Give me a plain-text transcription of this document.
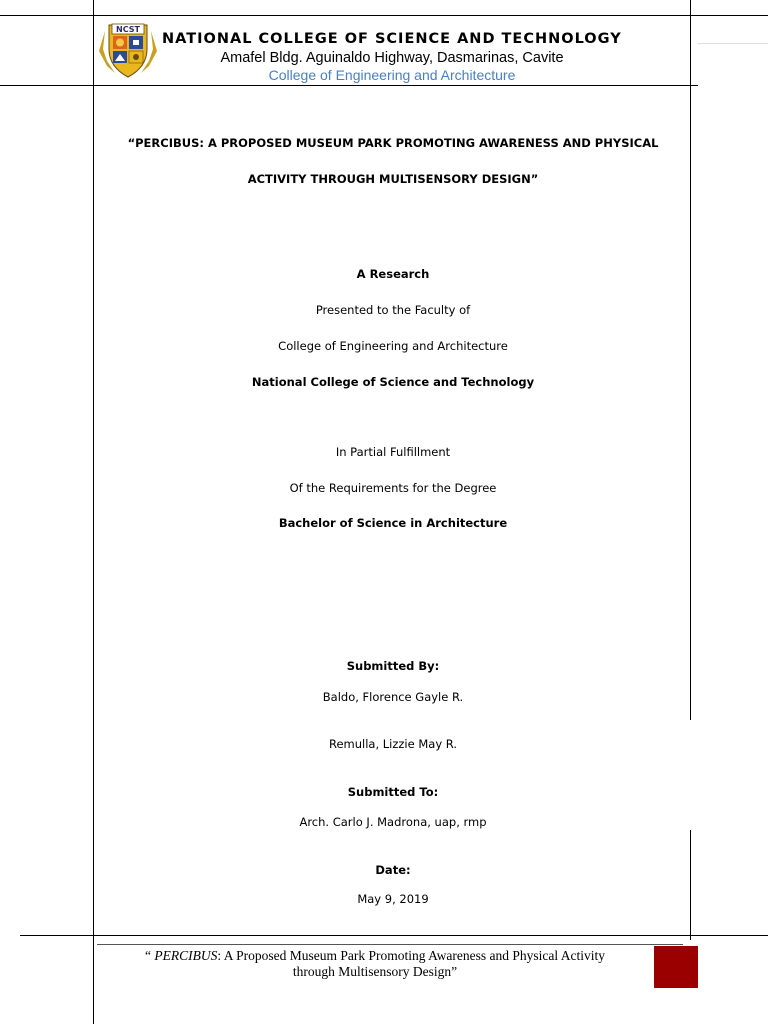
NCST
NATIONAL COLLEGE OF SCIENCE AND TECHNOLOGY
Amafel Bldg. Aguinaldo Highway, Dasmarinas, Cavite
College of Engineering and Architecture
“PERCIBUS: A PROPOSED MUSEUM PARK PROMOTING AWARENESS AND PHYSICAL
ACTIVITY THROUGH MULTISENSORY DESIGN”
A Research
Presented to the Faculty of
College of Engineering and Architecture
National College of Science and Technology
In Partial Fulfillment
Of the Requirements for the Degree
Bachelor of Science in Architecture
Submitted By:
Baldo, Florence Gayle R.
Remulla, Lizzie May R.
Submitted To:
Arch. Carlo J. Madrona, uap, rmp
Date:
May 9, 2019
“ PERCIBUS: A Proposed Museum Park Promoting Awareness and Physical Activity
through Multisensory Design”
